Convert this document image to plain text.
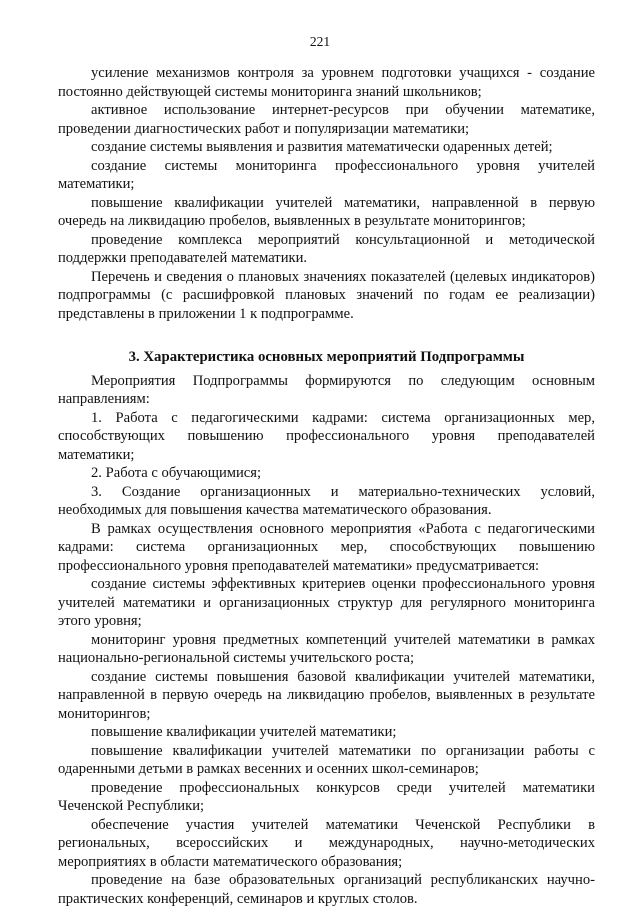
221

усиление механизмов контроля за уровнем подготовки учащихся - создание постоянно действующей системы мониторинга знаний школьников;

активное использование интернет-ресурсов при обучении математике, проведении диагностических работ и популяризации математики;

создание системы выявления и развития математически одаренных детей;

создание системы мониторинга профессионального уровня учителей математики;

повышение квалификации учителей математики, направленной в первую очередь на ликвидацию пробелов, выявленных в результате мониторингов;

проведение комплекса мероприятий консультационной и методической поддержки преподавателей математики.

Перечень и сведения о плановых значениях показателей (целевых индикаторов) подпрограммы (с расшифровкой плановых значений по годам ее реализации) представлены в приложении 1 к подпрограмме.

3. Характеристика основных мероприятий Подпрограммы

Мероприятия Подпрограммы формируются по следующим основным направлениям:

1. Работа с педагогическими кадрами: система организационных мер, способствующих повышению профессионального уровня преподавателей математики;

2. Работа с обучающимися;

3. Создание организационных и материально-технических условий, необходимых для повышения качества математического образования.

В рамках осуществления основного мероприятия «Работа с педагогическими кадрами: система организационных мер, способствующих повышению профессионального уровня преподавателей математики» предусматривается:

создание системы эффективных критериев оценки профессионального уровня учителей математики и организационных структур для регулярного мониторинга этого уровня;

мониторинг уровня предметных компетенций учителей математики в рамках национально-региональной системы учительского роста;

создание системы повышения базовой квалификации учителей математики, направленной в первую очередь на ликвидацию пробелов, выявленных в результате мониторингов;

повышение квалификации учителей математики;

повышение квалификации учителей математики по организации работы с одаренными детьми в рамках весенних и осенних школ-семинаров;

проведение профессиональных конкурсов среди учителей математики Чеченской Республики;

обеспечение участия учителей математики Чеченской Республики в региональных, всероссийских и международных, научно-методических мероприятиях в области математического образования;

проведение на базе образовательных организаций республиканских научно-практических конференций, семинаров и круглых столов.
